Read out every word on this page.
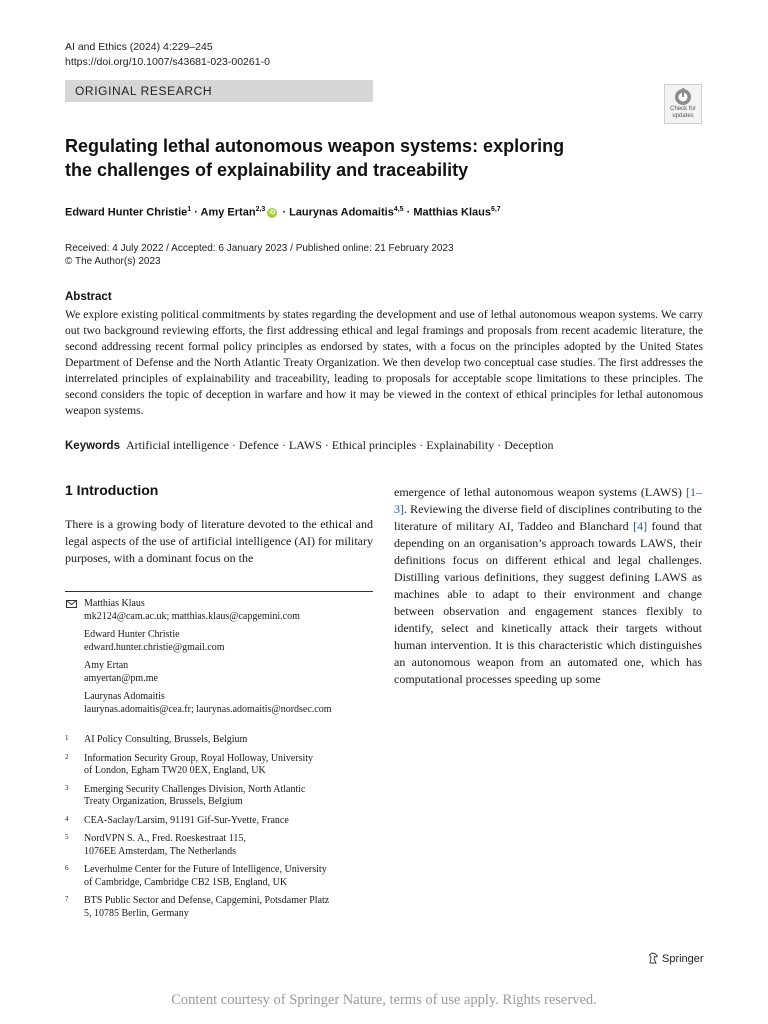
AI and Ethics (2024) 4:229–245
https://doi.org/10.1007/s43681-023-00261-0
ORIGINAL RESEARCH
Check for
updates
Regulating lethal autonomous weapon systems: exploring the challenges of explainability and traceability
Edward Hunter Christie$^1$ · Amy Ertan$^{2,3}$ iD · Laurynas Adomaitis$^{4,5}$ · Matthias Klaus$^{6,7}$
Received: 4 July 2022 / Accepted: 6 January 2023 / Published online: 21 February 2023
© The Author(s) 2023
Abstract
We explore existing political commitments by states regarding the development and use of lethal autonomous weapon systems. We carry out two background reviewing efforts, the first addressing ethical and legal framings and proposals from recent academic literature, the second addressing recent formal policy principles as endorsed by states, with a focus on the principles adopted by the United States Department of Defense and the North Atlantic Treaty Organization. We then develop two conceptual case studies. The first addresses the interrelated principles of explainability and traceability, leading to proposals for acceptable scope limitations to these principles. The second considers the topic of deception in warfare and how it may be viewed in the context of ethical principles for lethal autonomous weapon systems.
Keywords Artificial intelligence · Defence · LAWS · Ethical principles · Explainability · Deception
1 Introduction
There is a growing body of literature devoted to the ethical and legal aspects of the use of artificial intelligence (AI) for military purposes, with a dominant focus on the
emergence of lethal autonomous weapon systems (LAWS) [1–3]. Reviewing the diverse field of disciplines contributing to the literature of military AI, Taddeo and Blanchard [4] found that depending on an organisation’s approach towards LAWS, their definitions focus on different ethical and legal challenges. Distilling various definitions, they suggest defining LAWS as machines able to adapt to their environment and change between observation and engagement stances flexibly to identify, select and kinetically attack their targets without human intervention. It is this characteristic which distinguishes an autonomous weapon from an automated one, which has computational processes speeding up some
Matthias Klaus
mk2124@cam.ac.uk; matthias.klaus@capgemini.com
Edward Hunter Christie
edward.hunter.christie@gmail.com
Amy Ertan
amyertan@pm.me
Laurynas Adomaitis
laurynas.adomaitis@cea.fr; laurynas.adomaitis@nordsec.com
1 AI Policy Consulting, Brussels, Belgium
2 Information Security Group, Royal Holloway, University
of London, Egham TW20 0EX, England, UK
3 Emerging Security Challenges Division, North Atlantic
Treaty Organization, Brussels, Belgium
4 CEA-Saclay/Larsim, 91191 Gif-Sur-Yvette, France
5 NordVPN S. A., Fred. Roeskestraat 115,
1076EE Amsterdam, The Netherlands
6 Leverhulme Center for the Future of Intelligence, University
of Cambridge, Cambridge CB2 1SB, England, UK
7 BTS Public Sector and Defense, Capgemini, Potsdamer Platz
5, 10785 Berlin, Germany
Springer
Content courtesy of Springer Nature, terms of use apply. Rights reserved.
